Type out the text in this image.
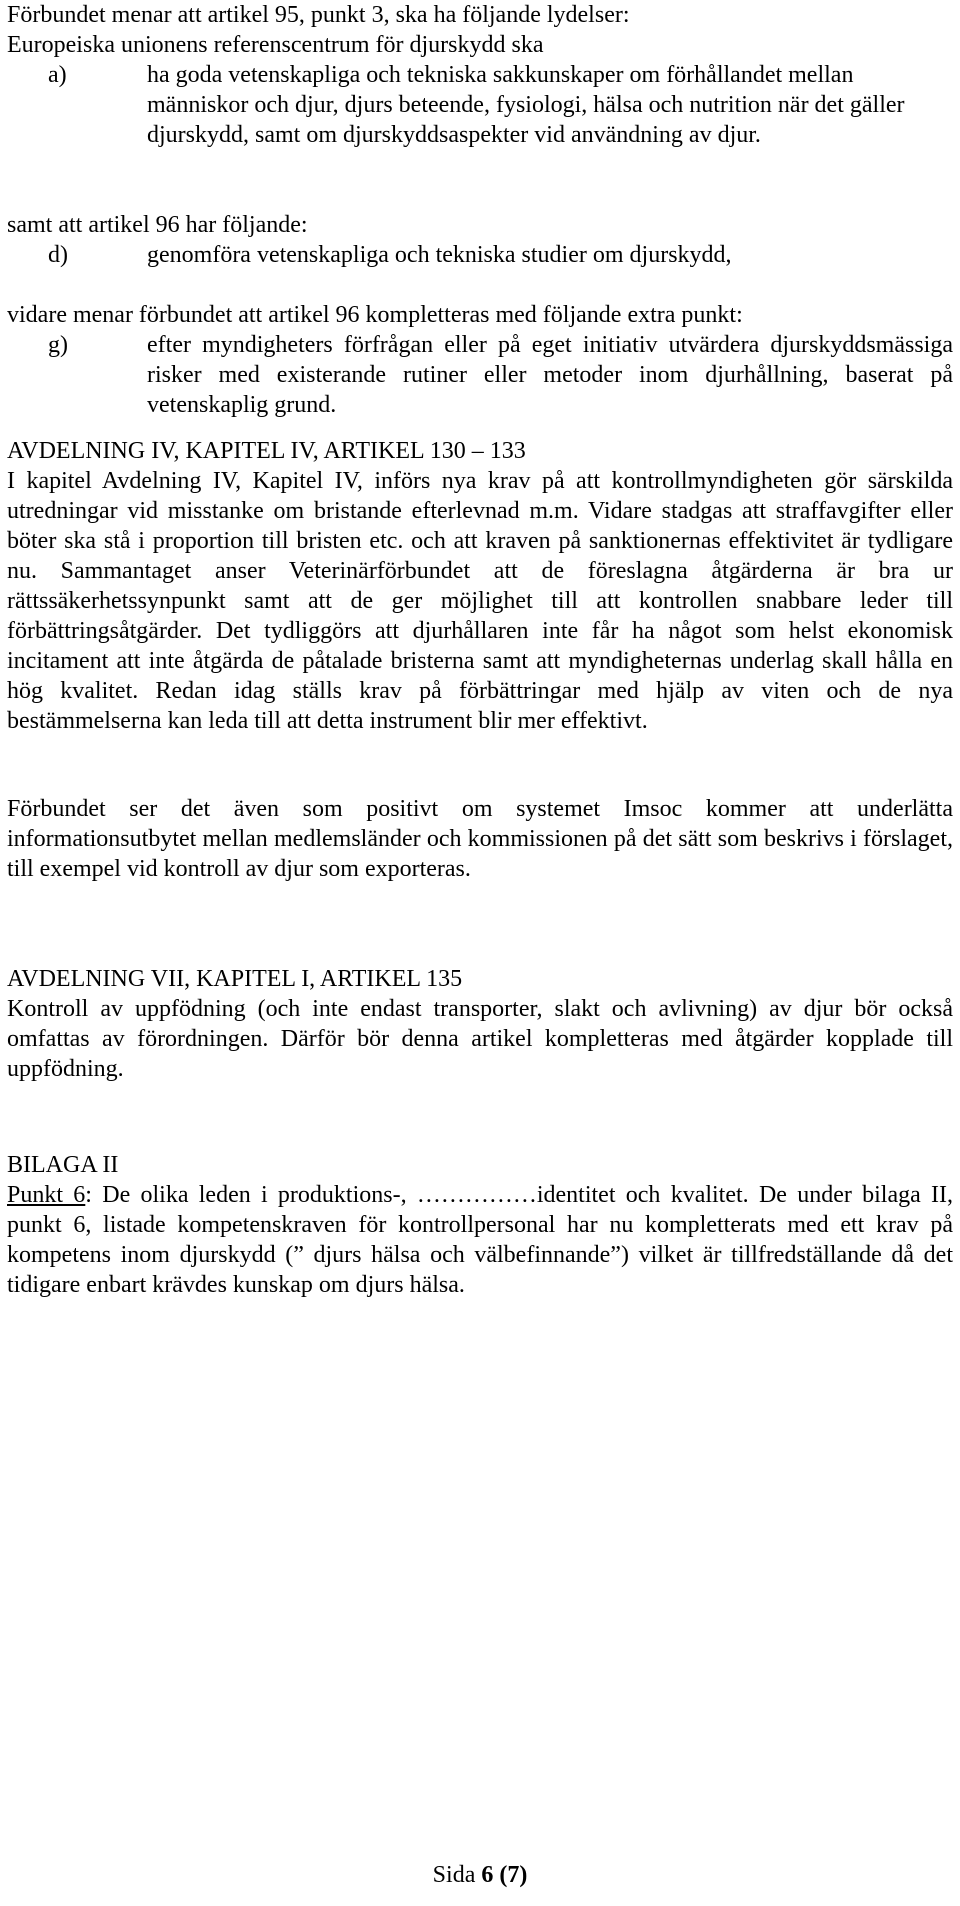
Förbundet menar att artikel 95, punkt 3, ska ha följande lydelser:
Europeiska unionens referenscentrum för djurskydd ska
a)	ha goda vetenskapliga och tekniska sakkunskaper om förhållandet mellan människor och djur, djurs beteende, fysiologi, hälsa och nutrition när det gäller djurskydd, samt om djurskyddsaspekter vid användning av djur.
samt att artikel 96 har följande:
d)	genomföra vetenskapliga och tekniska studier om djurskydd,
vidare menar förbundet att artikel 96 kompletteras med följande extra punkt:
g)	efter myndigheters förfrågan eller på eget initiativ utvärdera djurskyddsmässiga risker med existerande rutiner eller metoder inom djurhållning, baserat på vetenskaplig grund.
AVDELNING IV, KAPITEL IV, ARTIKEL 130 – 133
I kapitel Avdelning IV, Kapitel IV, införs nya krav på att kontrollmyndigheten gör särskilda utredningar vid misstanke om bristande efterlevnad m.m. Vidare stadgas att straffavgifter eller böter ska stå i proportion till bristen etc. och att kraven på sanktionernas effektivitet är tydligare nu. Sammantaget anser Veterinärförbundet att de föreslagna åtgärderna är bra ur rättssäkerhetssynpunkt samt att de ger möjlighet till att kontrollen snabbare leder till förbättringsåtgärder. Det tydliggörs att djurhållaren inte får ha något som helst ekonomisk incitament att inte åtgärda de påtalade bristerna samt att myndigheternas underlag skall hålla en hög kvalitet. Redan idag ställs krav på förbättringar med hjälp av viten och de nya bestämmelserna kan leda till att detta instrument blir mer effektivt.
Förbundet ser det även som positivt om systemet Imsoc kommer att underlätta informationsutbytet mellan medlemsländer och kommissionen på det sätt som beskrivs i förslaget, till exempel vid kontroll av djur som exporteras.
AVDELNING VII, KAPITEL I, ARTIKEL 135
Kontroll av uppfödning (och inte endast transporter, slakt och avlivning) av djur bör också omfattas av förordningen. Därför bör denna artikel kompletteras med åtgärder kopplade till uppfödning.
BILAGA II
Punkt 6: De olika leden i produktions-, ……………identitet och kvalitet. De under bilaga II, punkt 6, listade kompetenskraven för kontrollpersonal har nu kompletterats med ett krav på kompetens inom djurskydd (” djurs hälsa och välbefinnande”) vilket är tillfredställande då det tidigare enbart krävdes kunskap om djurs hälsa.
Sida 6 (7)
